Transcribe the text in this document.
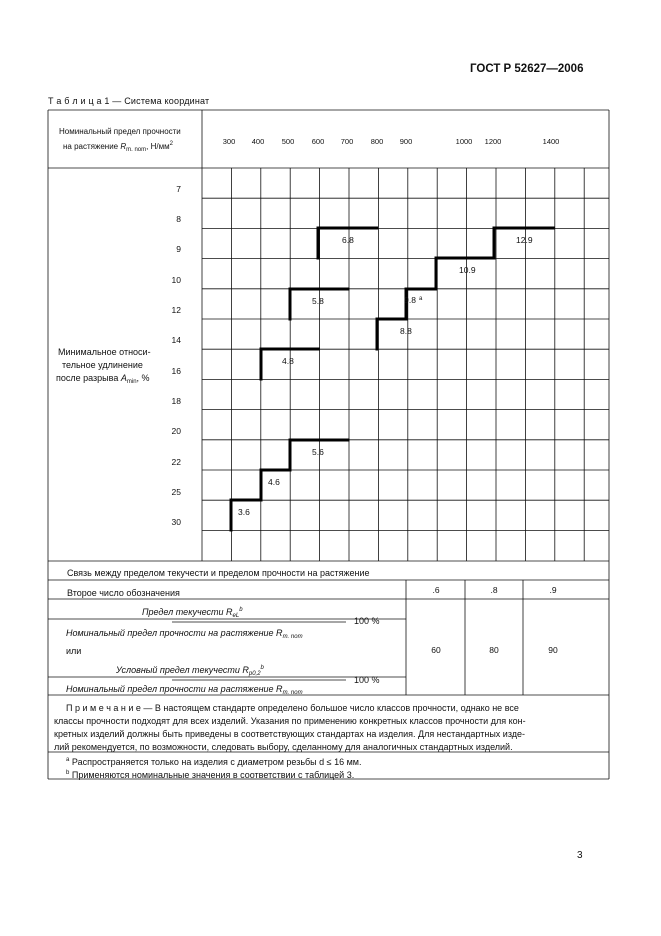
ГОСТ Р 52627—2006
Т а б л и ц а 1 — Система координат
300 400 500 600 700 800 900	1000 1200	1400
7
8
9
10
12
14
16
18
20
22
25
30
3.6
4.6
5.6
4.8
5.8
6.8
8.8
9.8 a
10.9
12.9
.6	.8	.9
60	80	90
Номинальный предел прочности
на растяжение $R_{m. nom}$, $Н/мм^2$
Минимальное относи-
тельное удлинение
после разрыва $A_{min}$, %
Связь между пределом текучести и пределом прочности на растяжение
Второе число обозначения
Предел текучести $R_{eL}^b$
100 %
Номинальный предел прочности на растяжение $R_{m. nom}$
или
Условный предел текучести $R_{p0,2}^b$
100 %
Номинальный предел прочности на растяжение $R_{m. nom}$
П р и м е ч а н и е — В настоящем стандарте определено большое число классов прочности, однако не все
классы прочности подходят для всех изделий. Указания по применению конкретных классов прочности для кон-
кретных изделий должны быть приведены в соответствующих стандартах на изделия. Для нестандартных изде-
лий рекомендуется, по возможности, следовать выбору, сделанному для аналогичных стандартных изделий.
$^a$ Распространяется только на изделия с диаметром резьбы d ≤ 16 мм.
$^b$ Применяются номинальные значения в соответствии с таблицей 3.
3
